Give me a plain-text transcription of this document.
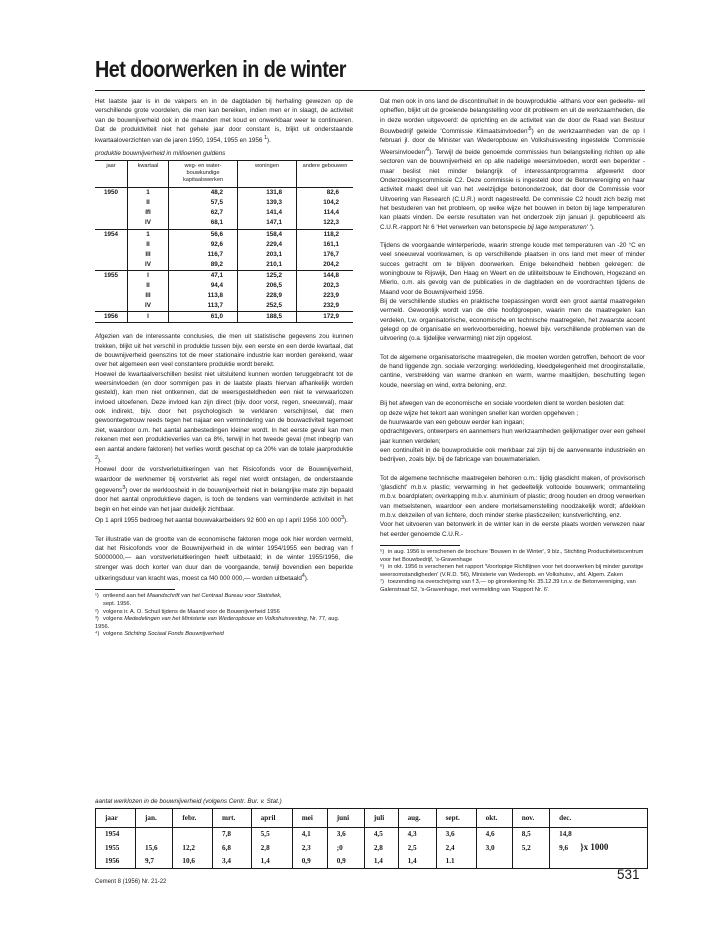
Het doorwerken in de winter

Het laatste jaar is in de vakpers en in de dagbladen bij herhaling gewezen op de verschillende grote voordelen, die men kan bereiken, indien men er in slaagt, de activiteit van de bouwnijverheid ook in de maanden met koud en onwerkbaar weer te continueren. Dat de produktiviteit niet het gehele jaar door constant is, blijkt uit onderstaande kwartaaloverzichten van de jaren 1950, 1954, 1955 en 1956 $^1$).

produktie bouwnijverheid in millioenen guldens
jaar	kwartaal	weg- en water-bouwkundige kapitaalswerken	woningen	andere gebouwen
1950	1	48,2	131,8	82,6
	II	57,5	139,3	104,2
	IfI	62,7	141,4	114,4
	IV	68,1	147,1	122,3
1954	1	56,6	158,4	118,2
	II	92,6	229,4	161,1
	III	116,7	203,1	176,7
	IV	89,2	210,1	204,2
1955	I	47,1	125,2	144,8
	II	94,4	206,5	202,3
	III	113,8	228,9	223,9
	IV	113,7	252,5	232,9
1956	I	61,0	188,5	172,9

Afgezien van de interessante conclusies, die men uit statistische gegevens zou kunnen trekken, blijkt uit het verschil in produktie tussen bijv. een eerste en een derde kwartaal, dat de bouwnijverheid geenszins tot de meer stationaire industrie kan worden gerekend, waar over het algemeen een veel constantere produktie wordt bereikt.

Hoewel de kwartaalverschillen beslist niet uitsluitend kunnen worden teruggebracht tot de weersinvloeden (en door sommigen pas in de laatste plaats hiervan afhankelijk worden gesteld), kan men niet ontkennen, dat de weersgesteldheden een niet te verwaarlozen invloed uitoefenen. Deze invloed kan zijn direct (bijv. door vorst, regen, sneeuwval), maar ook indirekt, bijv. door het psychologisch te verklaren verschijnsel, dat men gewoontegetrouw reeds tegen het najaar een vermindering van de bouwactiviteit tegemoet ziet, waardoor o.m. het aantal aanbestedingen kleiner wordt. In het eerste geval kan men rekenen met een produktieverlies van ca 8%, terwijl in het tweede geval (met inbegrip van een aantal andere faktoren) het verlies wordt geschat op ca 20% van de totale jaarproduktie $^2$).

Hoewel door de vorstverletuitkeringen van het Risicofonds voor de Bouwnijverheid, waardoor de werknemer bij vorstverlet als regel niet wordt ontslagen, de onderstaande gegevens$^3$) over de werkloosheid in de bouwnijverheid niet in belangrijke mate zijn bepaald door het aantal onproduktieve dagen, is toch de tendens van verminderde activiteit in het begin en het einde van het jaar duidelijk zichtbaar.

Op 1 april 1955 bedroeg het aantal bouwvakarbeiders 92 600 en op I april 1956 100 $000^3$).

Ter illustratie van de grootte van de economische faktoren moge ook hier worden vermeld, dat het Risicofonds voor de Bouwnijverheid in de winter 1954/1955 een bedrag van f 50000000,— aan vorstverletuitkeringen heeft uitbetaald; in de winter 1955/1956, die strenger was doch korter van duur dan de voorgaande, terwijl bovendien een beperkte uitkeringsduur van kracht was, moest ca f40 000 000,— worden uitbetaald$^4$).

¹) ontleend aan het Maandschrift van het Centraal Bureau voor Statistiek,
sept. 1956.
²) volgens ir. A. O. Schuil tijdens de Maand voor de Bouwnijverheid 1956
³) volgens Mededelingen van het Ministerie van Wederopbouw en Volkshuisvesting, Nr. 77, aug. 1956.
⁴) volgens Stichting Sociaal Fonds Bouwnijverheid

Dat men ook in ons land de discontinuïteit in de bouwproduktie -althans voor een gedeelte- wil opheffen, blijkt uit de groeiende belangstelling voor dit probleem en uit de werkzaamheden, die in deze worden uitgevoerd: de oprichting en de activiteit van de door de Raad van Bestuur Bouwbedrijf geleide 'Commissie $Klimaatsinvloeden'^5$) en de werkzaamheden van de op I februari jl. door de Minister van Wederopbouw en Volkshuisvesting ingestelde 'Commissie $Weersinvloeden'^6$). Terwijl de beide genoemde commissies hun belangstelling richten op alle sectoren van de bouwnijverheid en op alle nadelige weersinvloeden, wordt een beperkter -maar beslist niet minder belangrijk of interessantprogramma afgewerkt door Onderzoekingscommissie C2. Deze commissie is ingesteld door de Betonvereniging en haar activiteit maakt deel uit van het .veelzijdige betononderzoek, dat door de Commissie voor Uitvoering van Research (C.U.R.) wordt nagestreefd. De commissie C2 houdt zich bezig met het bestuderen van het probleem, op welke wijze het bouwen in beton bij lage temperaturen kan plaats vinden. De eerste resultaten van het onderzoek zijn januari jl. gepubliceerd als C.U.R.-rapport Nr 6 'Het verwerken van betonspecie bij lage temperaturen' ').

Tijdens de voorgaande winterperiode, waarin strenge koude met temperaturen van -20 °C en veel sneeuwval voorkwamen, is op verschillende plaatsen in ons land met meer of minder succes getracht om te blijven doorwerken. Enige bekendheid hebben gekregen: de woningbouw te Rijswijk, Den Haag en Weert en de utiliteitsbouw te Eindhoven, Hogezand en Mierlo, o.m. als gevolg van de publicaties in de dagbladen en de voordrachten tijdens de Maand voor de Bouwnijverheid 1956.

Bij de verschillende studies en praktische toepassingen wordt een groot aantal maatregelen vermeld. Gewoonlijk wordt van de drie hoofdgroepen, waarin men de maatregelen kan verdelen, t.w. organisatorische, economische en technische maatregelen, het zwaarste accent gelegd op de organisatie en werkvoorbereiding, hoewel bijv. verschillende problemen van de uitvoering (o.a. tijdelijke verwarming) niet zijn opgelost.

Tot de algemene organisatorische maatregelen, die moeten worden getroffen, behoort de voor de hand liggende zgn. sociale verzorging: werkkleding, kleedgelegenheid met drooginstallatie, cantine, verstrekking van warme dranken en warm, warme maaltijden, beschutting tegen koude, neerslag en wind, extra beloning, enz.

Bij het afwegen van de economische en sociale voordelen dient te worden besloten dat:

op deze wijze het tekort aan woningen sneller kan worden opgeheven ;

de huurwaarde van een gebouw eerder kan ingaan;

opdrachtgevers, ontwerpers en aannemers hun werkzaamheden gelijkmatiger over een geheel jaar kunnen verdelen;

een continuïteit in de bouwproduktie ook merkbaar zal zijn bij de aanverwante industrieën en bedrijven, zoals bijv. bij de fabricage van bouwmaterialen.

Tot de algemene technische maatregelen behoren o.m.: tijdig glasdicht maken, of provisorisch 'glasdicht' m.b.v. plastic; verwarming in het gedeeltelijk voltooide bouwwerk; ommanteling m.b.v. boardplaten; overkapping m.b.v. aluminium of plastic; droog houden en droog verwerken van metselstenen, waardoor een andere mortelsamenstelling noodzakelijk wordt; afdekken m.b.v. dekzeilen of van lichtere, doch minder sterke plasticzeilen; kunstverlichting, enz.

Voor het uitvoeren van betonwerk in de winter kan in de eerste plaats worden verwezen naar het eerder genoemde C.U.R.-

⁵) in aug. 1956 is verschenen de brochure 'Bouwen in de Winter', 9 blz., Stichting Productiviteitscentrum voor het Bouwbedrijf, 's-Gravenhage
⁶) in okt. 1956 is verschenen het rapport 'Voorlopige Richtlijnen voor het doorwerken bij minder gunstige weersomstandigheden' (V.R.D. '56), Ministerie van Wederopb. en Volkshuisv., afd. Algem. Zaken
⁷) toezending na overschrijving van f 3,— op girorekening Nr. 35.12.39 t.n.v. de Betonvereniging, van Galenstraat 52, 's-Gravenhage, met vermelding van 'Rapport Nr. 6'.
aantal werklozen in de bouwnijverheid (volgens Centr. Bur. v. Stat.)
jaar	jan.	febr.	mrt.	april	mei	juni	juli	aug.	sept.	okt.	nov.	dec.
1954			7,8	5,5	4,1	3,6	4,5	4,3	3,6	4,6	8,5	14,8
1955	15,6	12,2	6,8	2,8	2,3	;0	2,8	2,5	2,4	3,0	5,2	9,6 }x 1000
1956	9,7	10,6	3,4	1,4	0,9	0,9	1,4	1,4	1.1			
Cement 8 (1956) Nr. 21-22	531
